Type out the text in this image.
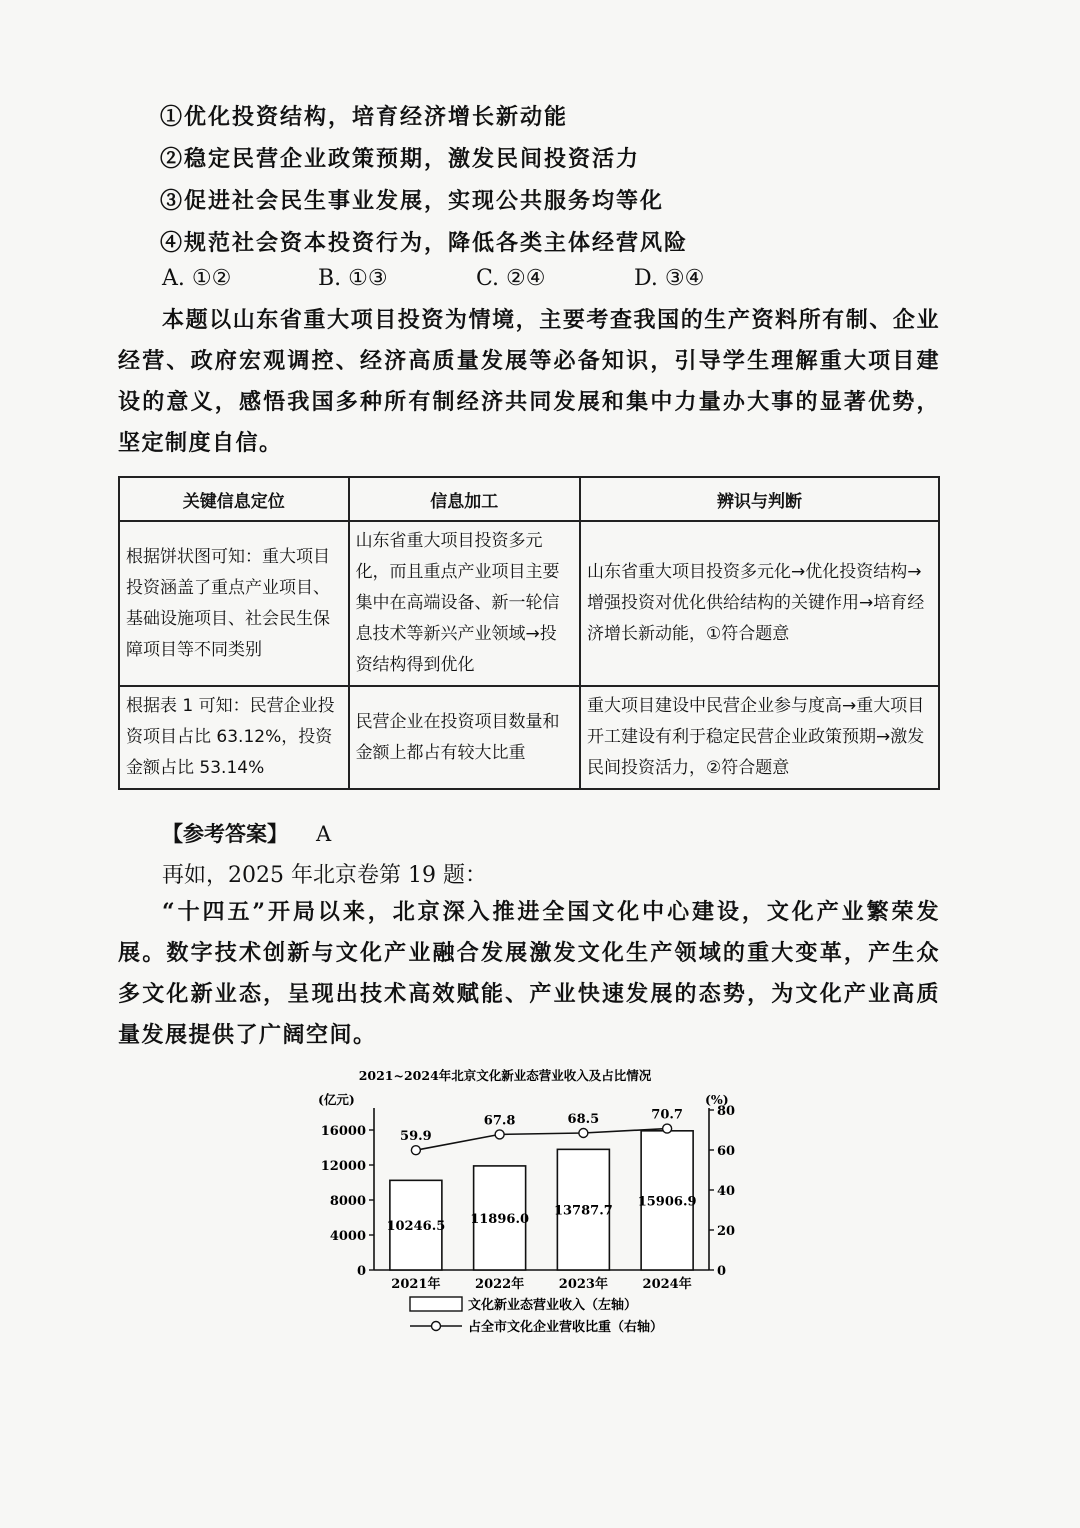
①优化投资结构，培育经济增长新动能
②稳定民营企业政策预期，激发民间投资活力
③促进社会民生事业发展，实现公共服务均等化
④规范社会资本投资行为，降低各类主体经营风险
A. ①②	B. ①③	C. ②④	D. ③④

本题以山东省重大项目投资为情境，主要考查我国的生产资料所有制、企业经营、政府宏观调控、经济高质量发展等必备知识，引导学生理解重大项目建设的意义，感悟我国多种所有制经济共同发展和集中力量办大事的显著优势，坚定制度自信。

关键信息定位	信息加工	辨识与判断
根据饼状图可知：重大项目投资涵盖了重点产业项目、基础设施项目、社会民生保障项目等不同类别	山东省重大项目投资多元化，而且重点产业项目主要集中在高端设备、新一轮信息技术等新兴产业领域→投资结构得到优化	山东省重大项目投资多元化→优化投资结构→增强投资对优化供给结构的关键作用→培育经济增长新动能，①符合题意
根据表 1 可知：民营企业投资项目占比 63.12%，投资金额占比 53.14%	民营企业在投资项目数量和金额上都占有较大比重	重大项目建设中民营企业参与度高→重大项目开工建设有利于稳定民营企业政策预期→激发民间投资活力，②符合题意
【参考答案】 A
再如，2025 年北京卷第 19 题：

“十四五”开局以来，北京深入推进全国文化中心建设，文化产业繁荣发展。数字技术创新与文化产业融合发展激发文化生产领域的重大变革，产生众多文化新业态，呈现出技术高效赋能、产业快速发展的态势，为文化产业高质量发展提供了广阔空间。

2021~2024年北京文化新业态营业收入及占比情况
(亿元)	(%)
0
4000
8000
12000
16000
0
20
40
60
80
10246.5 11896.0
13787.7
15906.9
59.9
67.8	68.5	70.7
2021年	2022年	2023年	2024年
文化新业态营业收入（左轴）
占全市文化企业营收比重（右轴）
